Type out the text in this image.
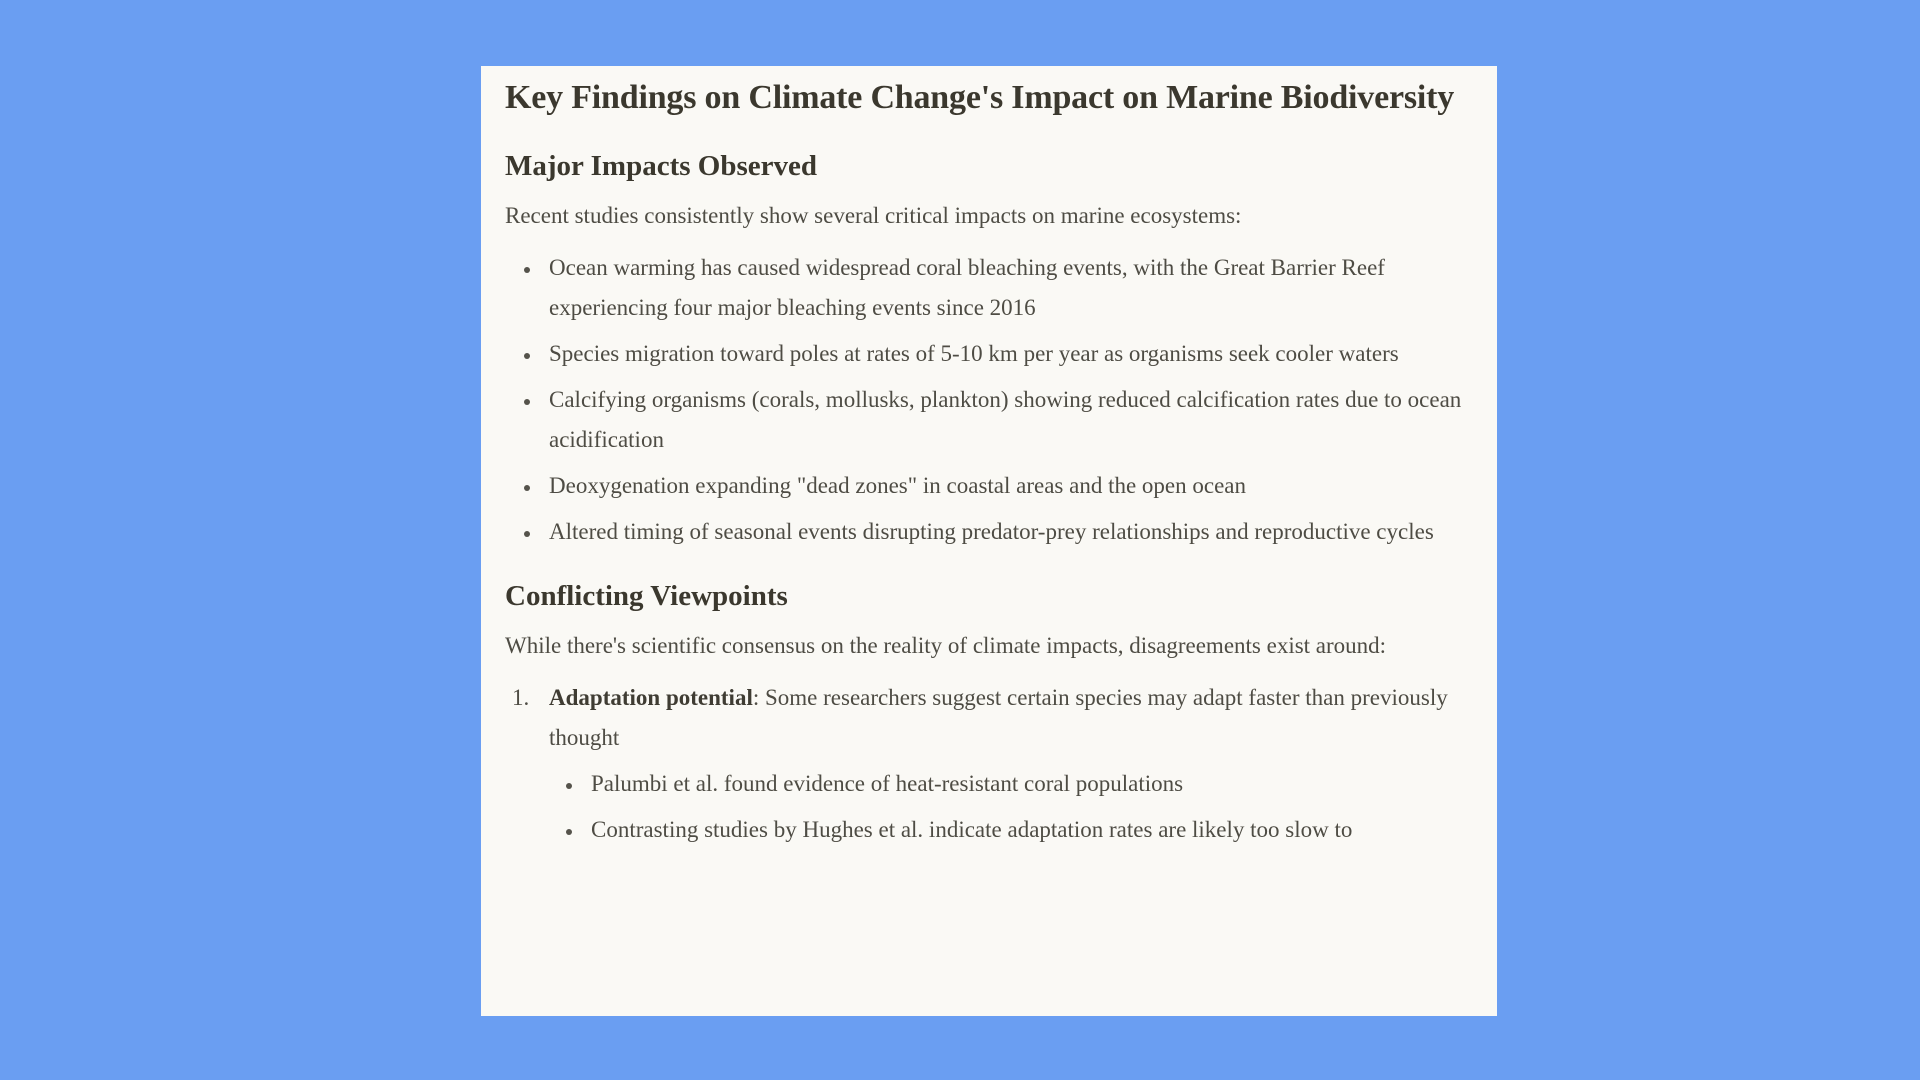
Key Findings on Climate Change's Impact on Marine Biodiversity
Major Impacts Observed

Recent studies consistently show several critical impacts on marine ecosystems:

Ocean warming has caused widespread coral bleaching events, with the Great Barrier Reef experiencing four major bleaching events since 2016
Species migration toward poles at rates of 5-10 km per year as organisms seek cooler waters
Calcifying organisms (corals, mollusks, plankton) showing reduced calcification rates due to ocean acidification
Deoxygenation expanding "dead zones" in coastal areas and the open ocean
Altered timing of seasonal events disrupting predator-prey relationships and reproductive cycles
Conflicting Viewpoints

While there's scientific consensus on the reality of climate impacts, disagreements exist around:

1. Adaptation potential: Some researchers suggest certain species may adapt faster than previously thought
Palumbi et al. found evidence of heat-resistant coral populations
Contrasting studies by Hughes et al. indicate adaptation rates are likely too slow to
